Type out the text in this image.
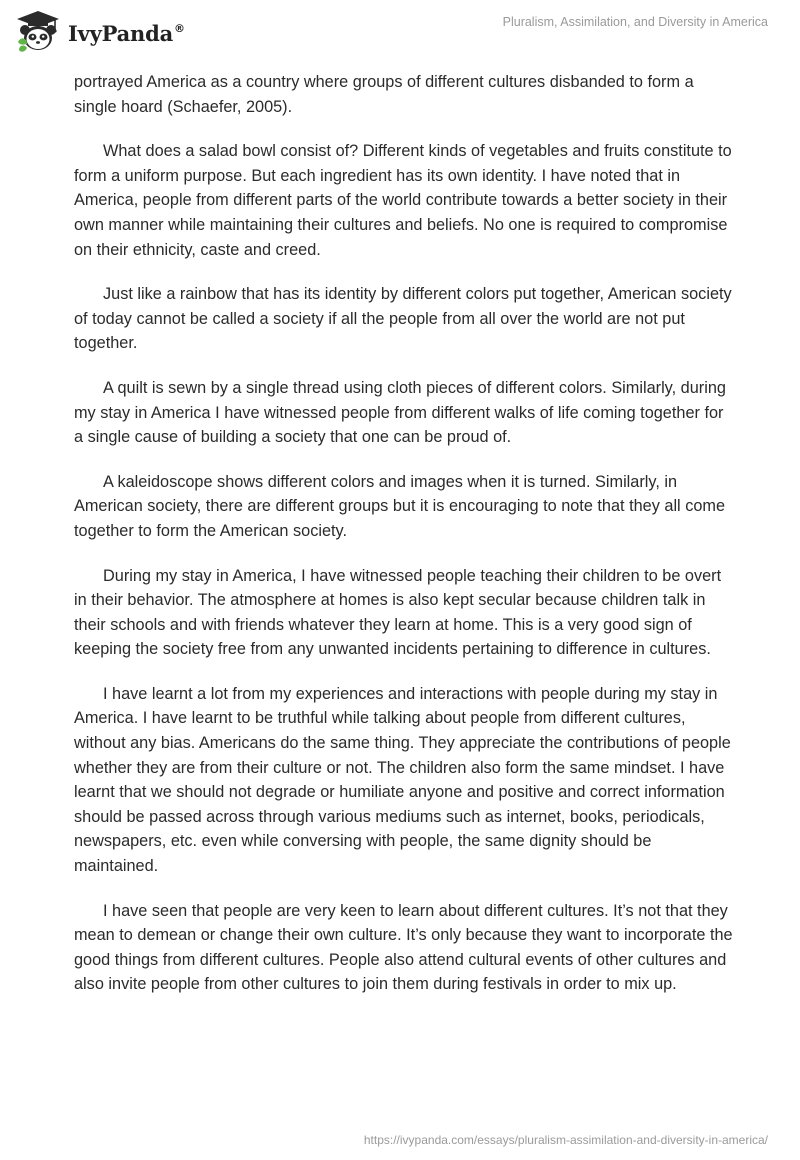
IvyPanda®	Pluralism, Assimilation, and Diversity in America

portrayed America as a country where groups of different cultures disbanded to form a single hoard (Schaefer, 2005).

What does a salad bowl consist of? Different kinds of vegetables and fruits constitute to form a uniform purpose. But each ingredient has its own identity. I have noted that in America, people from different parts of the world contribute towards a better society in their own manner while maintaining their cultures and beliefs. No one is required to compromise on their ethnicity, caste and creed.

Just like a rainbow that has its identity by different colors put together, American society of today cannot be called a society if all the people from all over the world are not put together.

A quilt is sewn by a single thread using cloth pieces of different colors. Similarly, during my stay in America I have witnessed people from different walks of life coming together for a single cause of building a society that one can be proud of.

A kaleidoscope shows different colors and images when it is turned. Similarly, in American society, there are different groups but it is encouraging to note that they all come together to form the American society.

During my stay in America, I have witnessed people teaching their children to be overt in their behavior. The atmosphere at homes is also kept secular because children talk in their schools and with friends whatever they learn at home. This is a very good sign of keeping the society free from any unwanted incidents pertaining to difference in cultures.

I have learnt a lot from my experiences and interactions with people during my stay in America. I have learnt to be truthful while talking about people from different cultures, without any bias. Americans do the same thing. They appreciate the contributions of people whether they are from their culture or not. The children also form the same mindset. I have learnt that we should not degrade or humiliate anyone and positive and correct information should be passed across through various mediums such as internet, books, periodicals, newspapers, etc. even while conversing with people, the same dignity should be maintained.

I have seen that people are very keen to learn about different cultures. It’s not that they mean to demean or change their own culture. It’s only because they want to incorporate the good things from different cultures. People also attend cultural events of other cultures and also invite people from other cultures to join them during festivals in order to mix up.

https://ivypanda.com/essays/pluralism-assimilation-and-diversity-in-america/
